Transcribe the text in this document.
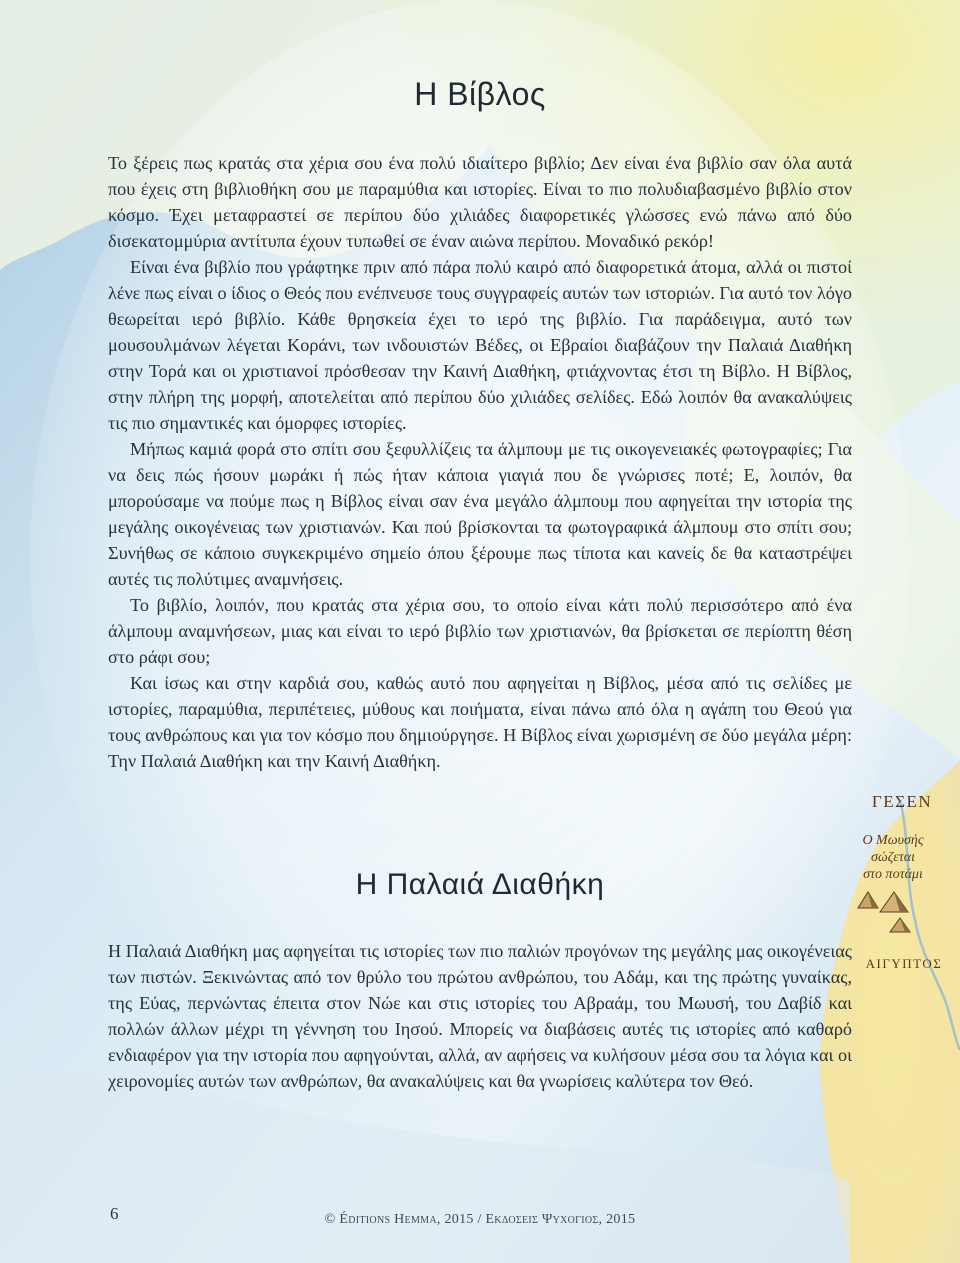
Η Βίβλος

Το ξέρεις πως κρατάς στα χέρια σου ένα πολύ ιδιαίτερο βιβλίο; Δεν είναι ένα βιβλίο σαν όλα αυτά που έχεις στη βιβλιοθήκη σου με παραμύθια και ιστορίες. Είναι το πιο πολυδιαβασμένο βιβλίο στον κόσμο. Έχει μεταφραστεί σε περίπου δύο χιλιάδες διαφορετικές γλώσσες ενώ πάνω από δύο δισεκατομμύρια αντίτυπα έχουν τυπωθεί σε έναν αιώνα περίπου. Μοναδικό ρεκόρ!

Είναι ένα βιβλίο που γράφτηκε πριν από πάρα πολύ καιρό από διαφορετικά άτομα, αλλά οι πιστοί λένε πως είναι ο ίδιος ο Θεός που ενέπνευσε τους συγγραφείς αυτών των ιστοριών. Για αυτό τον λόγο θεωρείται ιερό βιβλίο. Κάθε θρησκεία έχει το ιερό της βιβλίο. Για παράδειγμα, αυτό των μουσουλμάνων λέγεται Κοράνι, των ινδουιστών Βέδες, οι Εβραίοι διαβάζουν την Παλαιά Διαθήκη στην Τορά και οι χριστιανοί πρόσθεσαν την Καινή Διαθήκη, φτιάχνοντας έτσι τη Βίβλο. Η Βίβλος, στην πλήρη της μορφή, αποτελείται από περίπου δύο χιλιάδες σελίδες. Εδώ λοιπόν θα ανακαλύψεις τις πιο σημαντικές και όμορφες ιστορίες.

Μήπως καμιά φορά στο σπίτι σου ξεφυλλίζεις τα άλμπουμ με τις οικογενειακές φωτογραφίες; Για να δεις πώς ήσουν μωράκι ή πώς ήταν κάποια γιαγιά που δε γνώρισες ποτέ; Ε, λοιπόν, θα μπορούσαμε να πούμε πως η Βίβλος είναι σαν ένα μεγάλο άλμπουμ που αφηγείται την ιστορία της μεγάλης οικογένειας των χριστιανών. Και πού βρίσκονται τα φωτογραφικά άλμπουμ στο σπίτι σου; Συνήθως σε κάποιο συγκεκριμένο σημείο όπου ξέρουμε πως τίποτα και κανείς δε θα καταστρέψει αυτές τις πολύτιμες αναμνήσεις.

Το βιβλίο, λοιπόν, που κρατάς στα χέρια σου, το οποίο είναι κάτι πολύ περισσότερο από ένα άλμπουμ αναμνήσεων, μιας και είναι το ιερό βιβλίο των χριστιανών, θα βρίσκεται σε περίοπτη θέση στο ράφι σου;

Και ίσως και στην καρδιά σου, καθώς αυτό που αφηγείται η Βίβλος, μέσα από τις σελίδες με ιστορίες, παραμύθια, περιπέτειες, μύθους και ποιήματα, είναι πάνω από όλα η αγάπη του Θεού για τους ανθρώπους και για τον κόσμο που δημιούργησε. Η Βίβλος είναι χωρισμένη σε δύο μεγάλα μέρη: Την Παλαιά Διαθήκη και την Καινή Διαθήκη.

Η Παλαιά Διαθήκη

Η Παλαιά Διαθήκη μας αφηγείται τις ιστορίες των πιο παλιών προγόνων της μεγάλης μας οικογένειας των πιστών. Ξεκινώντας από τον θρύλο του πρώτου ανθρώπου, του Αδάμ, και της πρώτης γυναίκας, της Εύας, περνώντας έπειτα στον Νώε και στις ιστορίες του Αβραάμ, του Μωυσή, του Δαβίδ και πολλών άλλων μέχρι τη γέννηση του Ιησού. Μπορείς να διαβάσεις αυτές τις ιστορίες από καθαρό ενδιαφέρον για την ιστορία που αφηγούνται, αλλά, αν αφήσεις να κυλήσουν μέσα σου τα λόγια και οι χειρονομίες αυτών των ανθρώπων, θα ανακαλύψεις και θα γνωρίσεις καλύτερα τον Θεό.

ΓΕΣΕΝ
Ο Μωυσής
σώζεται
στο ποτάμι
ΑΙΓΥΠΤΟΣ
6	© Éditions Hemma, 2015 / Εκδοσεισ Ψυχογιοσ, 2015
